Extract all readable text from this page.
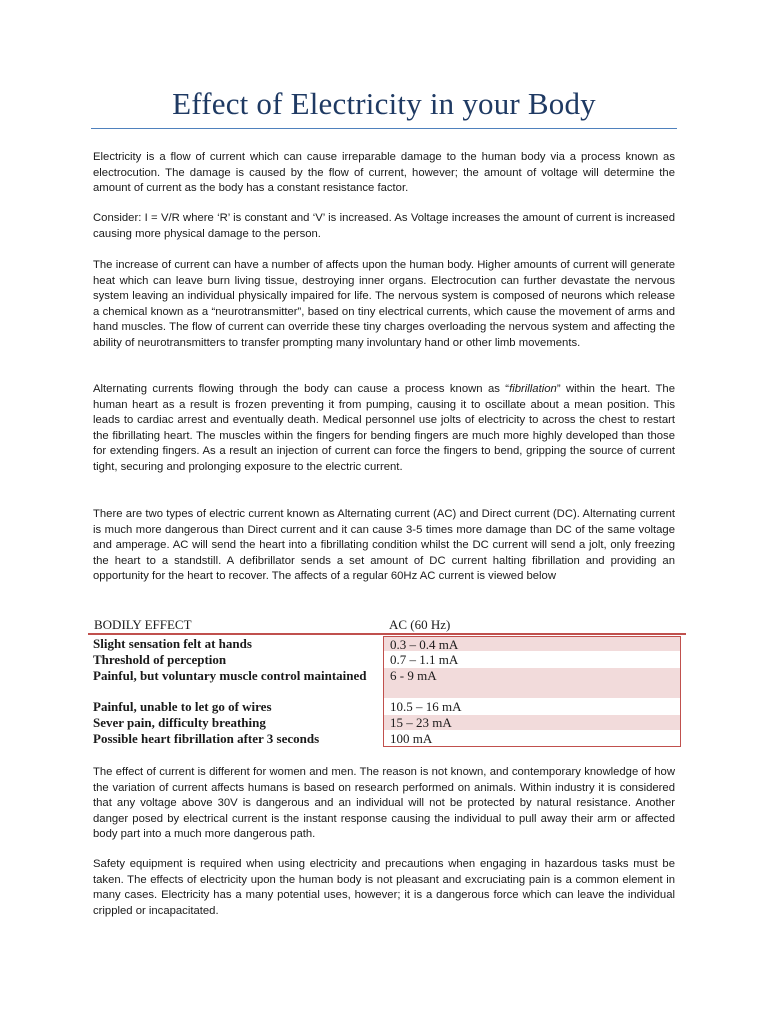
Effect of Electricity in your Body

Electricity is a flow of current which can cause irreparable damage to the human body via a process known as electrocution. The damage is caused by the flow of current, however; the amount of voltage will determine the amount of current as the body has a constant resistance factor.

Consider: I = V/R where ‘R’ is constant and ‘V’ is increased. As Voltage increases the amount of current is increased causing more physical damage to the person.

The increase of current can have a number of affects upon the human body. Higher amounts of current will generate heat which can leave burn living tissue, destroying inner organs. Electrocution can further devastate the nervous system leaving an individual physically impaired for life. The nervous system is composed of neurons which release a chemical known as a “neurotransmitter”, based on tiny electrical currents, which cause the movement of arms and hand muscles. The flow of current can override these tiny charges overloading the nervous system and affecting the ability of neurotransmitters to transfer prompting many involuntary hand or other limb movements.

Alternating currents flowing through the body can cause a process known as “fibrillation” within the heart. The human heart as a result is frozen preventing it from pumping, causing it to oscillate about a mean position. This leads to cardiac arrest and eventually death. Medical personnel use jolts of electricity to across the chest to restart the fibrillating heart. The muscles within the fingers for bending fingers are much more highly developed than those for extending fingers. As a result an injection of current can force the fingers to bend, gripping the source of current tight, securing and prolonging exposure to the electric current.

There are two types of electric current known as Alternating current (AC) and Direct current (DC). Alternating current is much more dangerous than Direct current and it can cause 3-5 times more damage than DC of the same voltage and amperage. AC will send the heart into a fibrillating condition whilst the DC current will send a jolt, only freezing the heart to a standstill. A defibrillator sends a set amount of DC current halting fibrillation and providing an opportunity for the heart to recover. The affects of a regular 60Hz AC current is viewed below

BODILY EFFECT	AC (60 Hz)
Slight sensation felt at hands	0.3 – 0.4 mA
Threshold of perception	0.7 – 1.1 mA
Painful, but voluntary muscle control maintained	6 - 9 mA
Painful, unable to let go of wires	10.5 – 16 mA
Sever pain, difficulty breathing	15 – 23 mA
Possible heart fibrillation after 3 seconds	100 mA

The effect of current is different for women and men. The reason is not known, and contemporary knowledge of how the variation of current affects humans is based on research performed on animals. Within industry it is considered that any voltage above 30V is dangerous and an individual will not be protected by natural resistance. Another danger posed by electrical current is the instant response causing the individual to pull away their arm or affected body part into a much more dangerous path.

Safety equipment is required when using electricity and precautions when engaging in hazardous tasks must be taken. The effects of electricity upon the human body is not pleasant and excruciating pain is a common element in many cases. Electricity has a many potential uses, however; it is a dangerous force which can leave the individual crippled or incapacitated.
